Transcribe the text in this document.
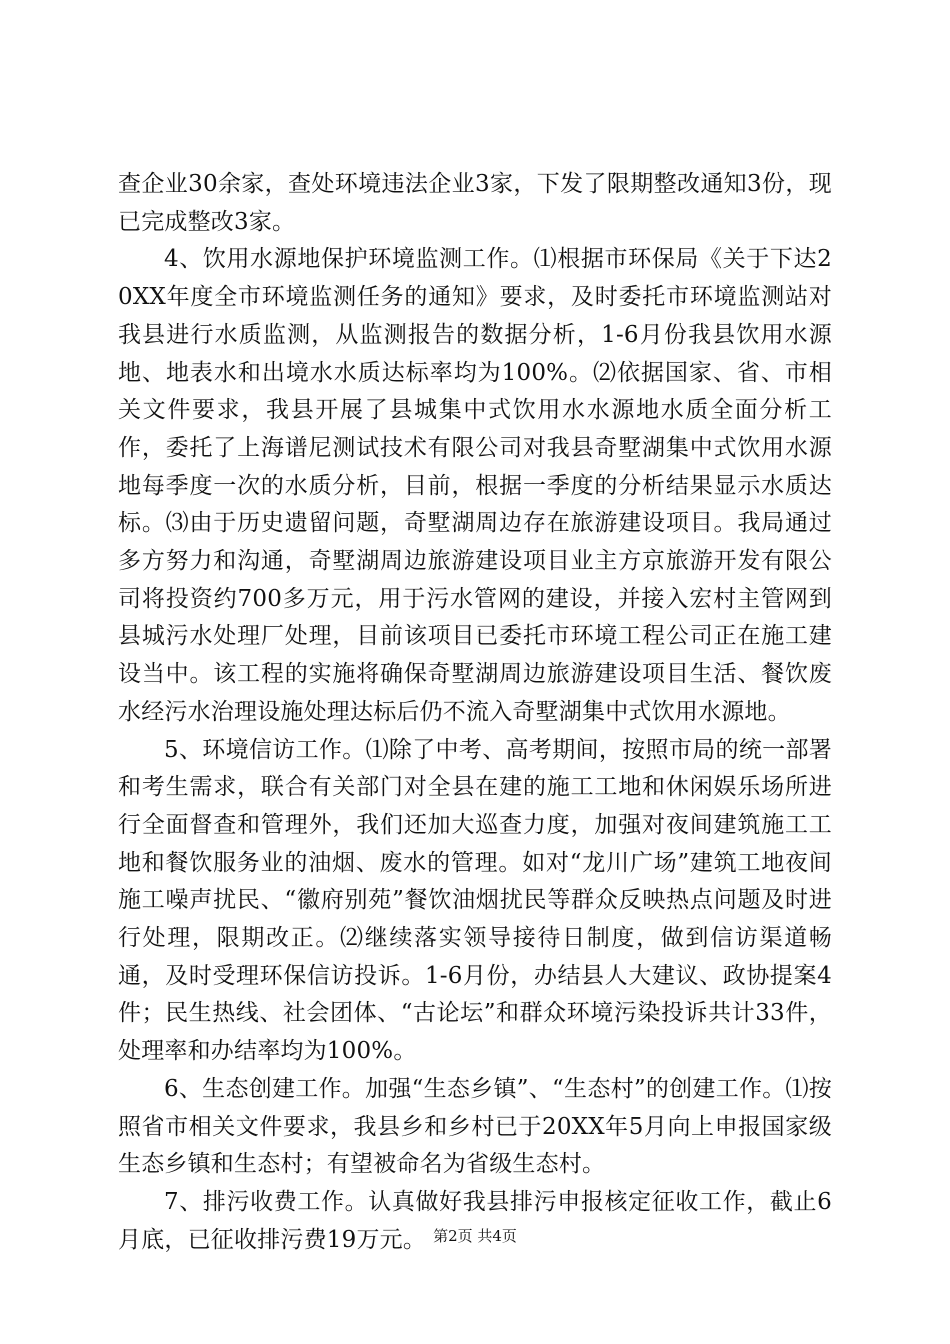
查企业30余家，查处环境违法企业3家，下发了限期整改通知3份，现已完成整改3家。

4、饮用水源地保护环境监测工作。⑴根据市环保局《关于下达20XX年度全市环境监测任务的通知》要求，及时委托市环境监测站对我县进行水质监测，从监测报告的数据分析，1-6月份我县饮用水源地、地表水和出境水水质达标率均为100%。⑵依据国家、省、市相关文件要求，我县开展了县城集中式饮用水水源地水质全面分析工作，委托了上海谱尼测试技术有限公司对我县奇墅湖集中式饮用水源地每季度一次的水质分析，目前，根据一季度的分析结果显示水质达标。⑶由于历史遗留问题，奇墅湖周边存在旅游建设项目。我局通过多方努力和沟通，奇墅湖周边旅游建设项目业主方京旅游开发有限公司将投资约700多万元，用于污水管网的建设，并接入宏村主管网到县城污水处理厂处理，目前该项目已委托市环境工程公司正在施工建设当中。该工程的实施将确保奇墅湖周边旅游建设项目生活、餐饮废水经污水治理设施处理达标后仍不流入奇墅湖集中式饮用水源地。

5、环境信访工作。⑴除了中考、高考期间，按照市局的统一部署和考生需求，联合有关部门对全县在建的施工工地和休闲娱乐场所进行全面督查和管理外，我们还加大巡查力度，加强对夜间建筑施工工地和餐饮服务业的油烟、废水的管理。如对“龙川广场”建筑工地夜间施工噪声扰民、“徽府别苑”餐饮油烟扰民等群众反映热点问题及时进行处理，限期改正。⑵继续落实领导接待日制度，做到信访渠道畅通，及时受理环保信访投诉。1-6月份，办结县人大建议、政协提案4件；民生热线、社会团体、“古论坛”和群众环境污染投诉共计33件，处理率和办结率均为100%。

6、生态创建工作。加强“生态乡镇”、“生态村”的创建工作。⑴按照省市相关文件要求，我县乡和乡村已于20XX年5月向上申报国家级生态乡镇和生态村；有望被命名为省级生态村。

7、排污收费工作。认真做好我县排污申报核定征收工作，截止6月底，已征收排污费19万元。 第2页 共4页
